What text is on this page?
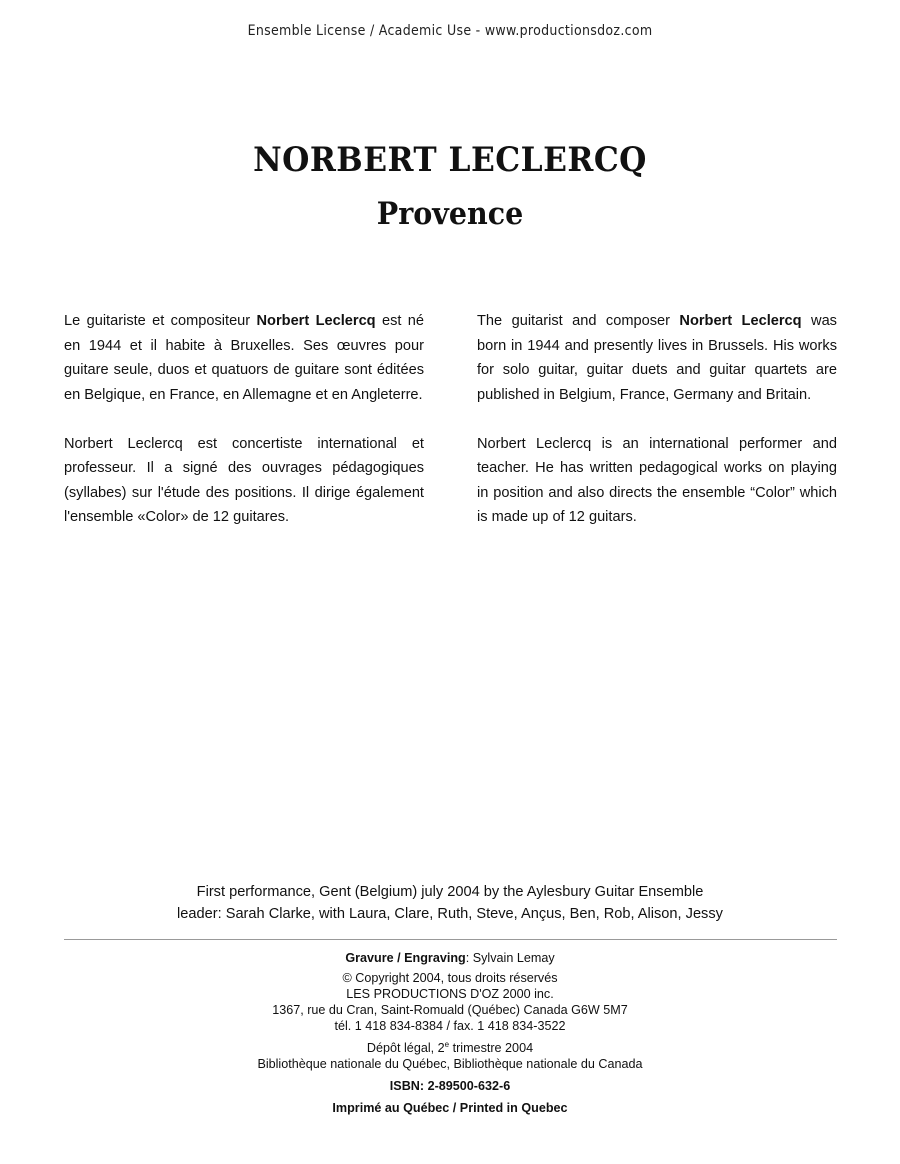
Ensemble License / Academic Use - www.productionsdoz.com
NORBERT LECLERCQ
Provence

Le guitariste et compositeur Norbert Leclercq est né en 1944 et il habite à Bruxelles. Ses œuvres pour guitare seule, duos et quatuors de guitare sont éditées en Belgique, en France, en Allemagne et en Angleterre.

Norbert Leclercq est concertiste international et professeur. Il a signé des ouvrages pédagogiques (syllabes) sur l'étude des positions. Il dirige également l'ensemble «Color» de 12 guitares.

The guitarist and composer Norbert Leclercq was born in 1944 and presently lives in Brussels. His works for solo guitar, guitar duets and guitar quartets are published in Belgium, France, Germany and Britain.

Norbert Leclercq is an international performer and teacher. He has written pedagogical works on playing in position and also directs the ensemble “Color” which is made up of 12 guitars.

First performance, Gent (Belgium) july 2004 by the Aylesbury Guitar Ensemble
leader: Sarah Clarke, with Laura, Clare, Ruth, Steve, Ançus, Ben, Rob, Alison, Jessy
Gravure / Engraving: Sylvain Lemay
© Copyright 2004, tous droits réservés
LES PRODUCTIONS D'OZ 2000 inc.
1367, rue du Cran, Saint-Romuald (Québec) Canada G6W 5M7
tél. 1 418 834-8384 / fax. 1 418 834-3522
Dépôt légal, 2e trimestre 2004
Bibliothèque nationale du Québec, Bibliothèque nationale du Canada
ISBN: 2-89500-632-6
Imprimé au Québec / Printed in Quebec
